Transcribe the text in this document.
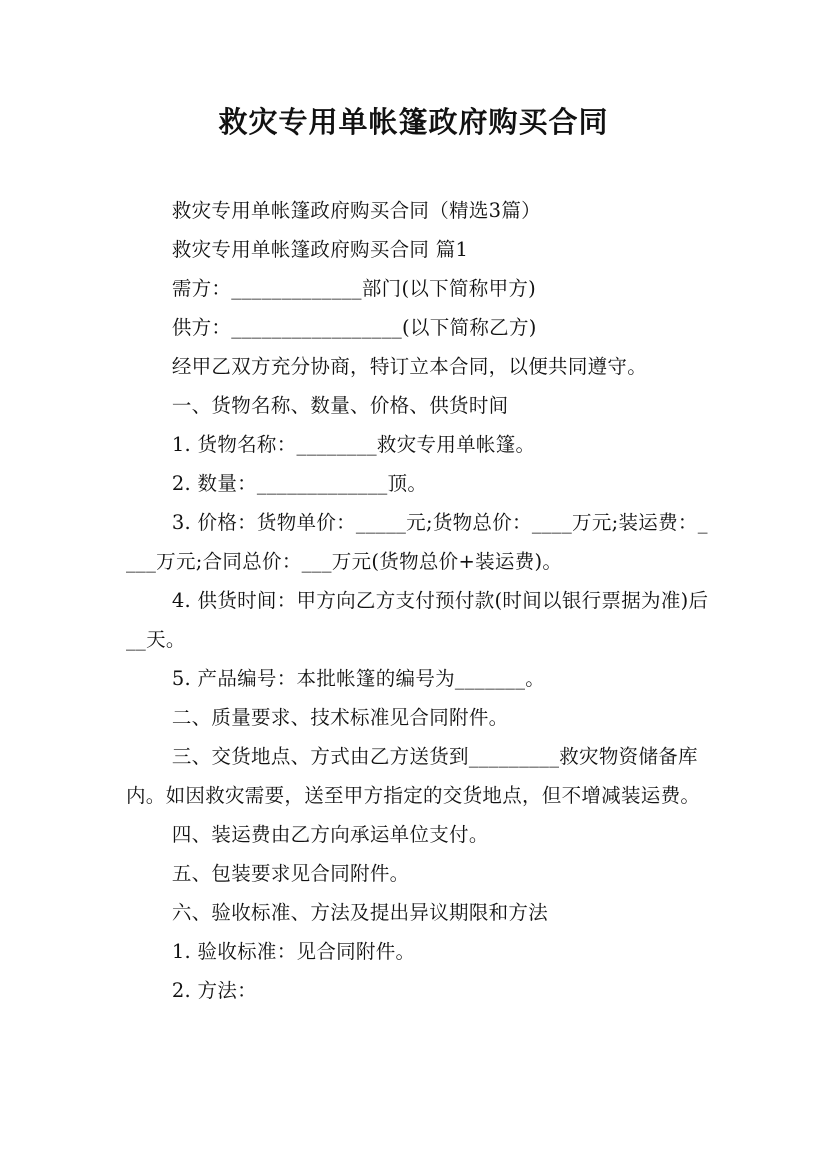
救灾专用单帐篷政府购买合同

救灾专用单帐篷政府购买合同（精选3篇）

救灾专用单帐篷政府购买合同 篇1

需方：_____________部门(以下简称甲方)

供方：_________________(以下简称乙方)

经甲乙双方充分协商，特订立本合同，以便共同遵守。

一、货物名称、数量、价格、供货时间

1. 货物名称：________救灾专用单帐篷。

2. 数量：_____________顶。

3. 价格：货物单价：_____元;货物总价：____万元;装运费：____万元;合同总价：___万元(货物总价+装运费)。

4. 供货时间：甲方向乙方支付预付款(时间以银行票据为准)后__天。

5. 产品编号：本批帐篷的编号为_______。

二、质量要求、技术标准见合同附件。

三、交货地点、方式由乙方送货到_________救灾物资储备库内。如因救灾需要，送至甲方指定的交货地点，但不增减装运费。

四、装运费由乙方向承运单位支付。

五、包装要求见合同附件。

六、验收标准、方法及提出异议期限和方法

1. 验收标准：见合同附件。

2. 方法：
